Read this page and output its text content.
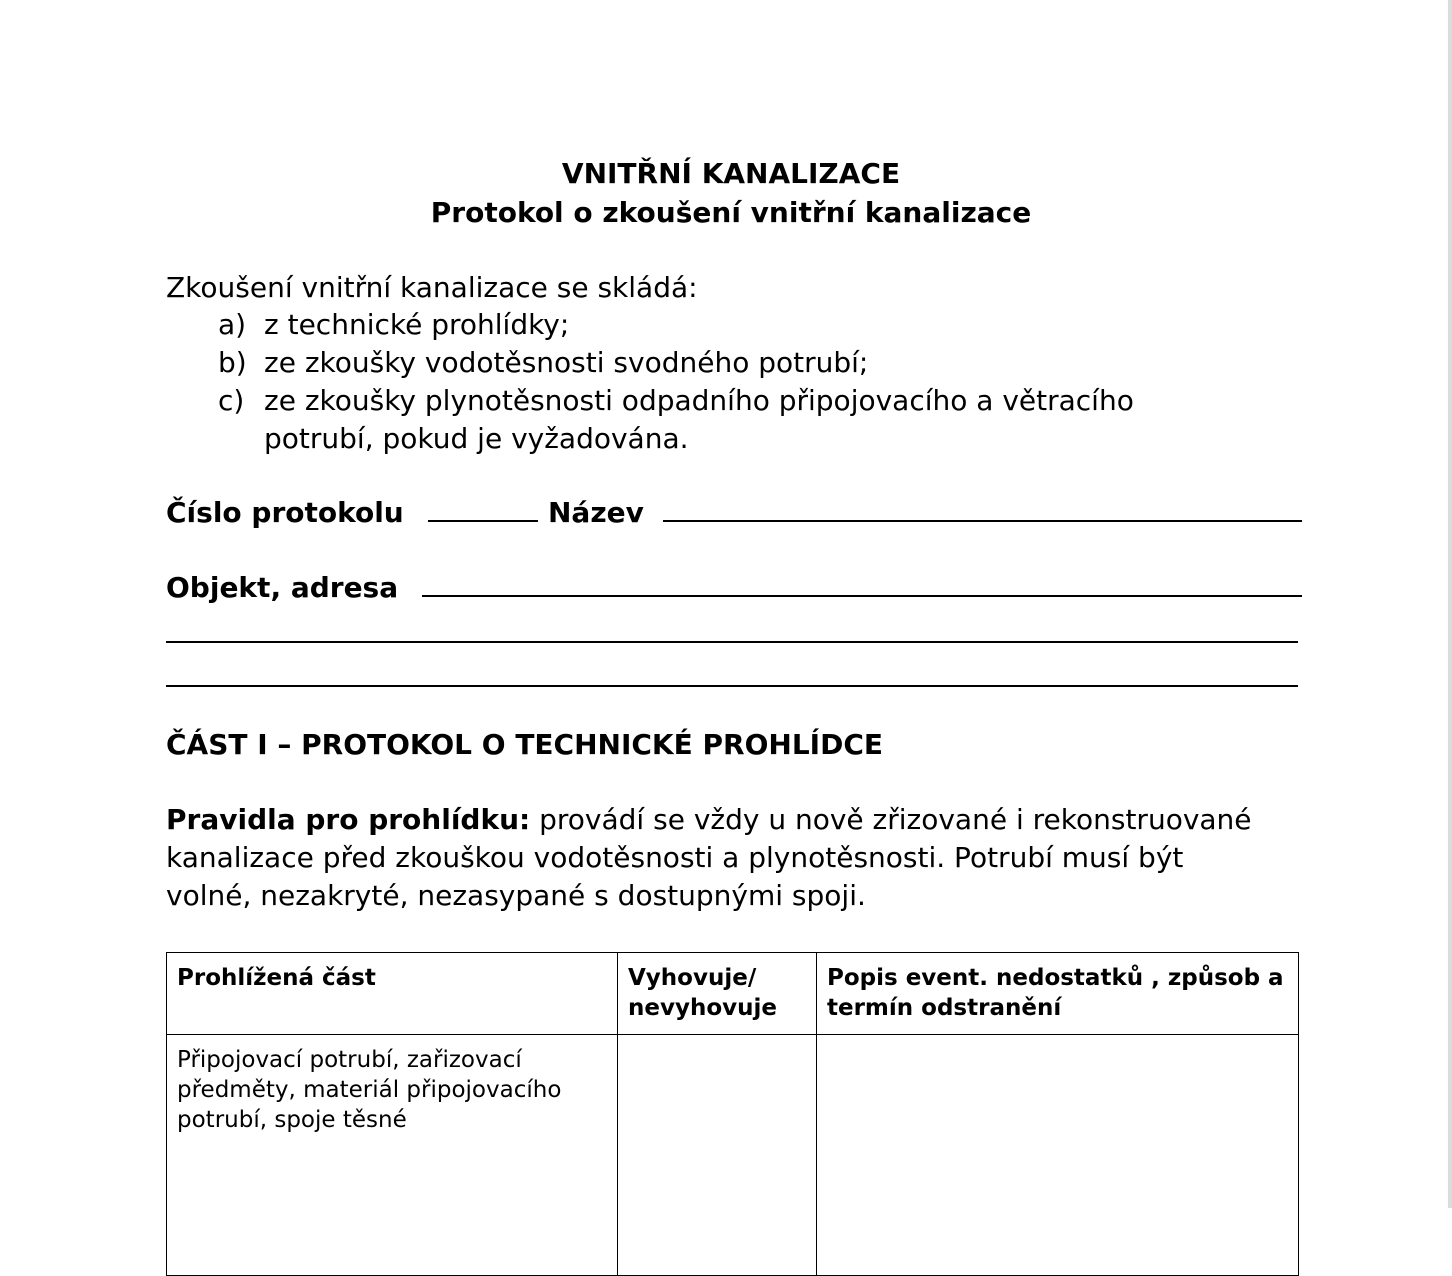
VNITŘNÍ KANALIZACE
Protokol o zkoušení vnitřní kanalizace
Zkoušení vnitřní kanalizace se skládá:
a) z technické prohlídky;
b) ze zkoušky vodotěsnosti svodného potrubí;
c) ze zkoušky plynotěsnosti odpadního připojovacího a větracího potrubí, pokud je vyžadována.
Číslo protokolu	Název
Objekt, adresa
ČÁST I – PROTOKOL O TECHNICKÉ PROHLÍDCE
Pravidla pro prohlídku: provádí se vždy u nově zřizované i rekonstruované kanalizace před zkouškou vodotěsnosti a plynotěsnosti. Potrubí musí být volné, nezakryté, nezasypané s dostupnými spoji.
Prohlížená část	Vyhovuje/ nevyhovuje	Popis event. nedostatků , způsob a termín odstranění
Připojovací potrubí, zařizovací předměty, materiál připojovacího potrubí, spoje těsné		
